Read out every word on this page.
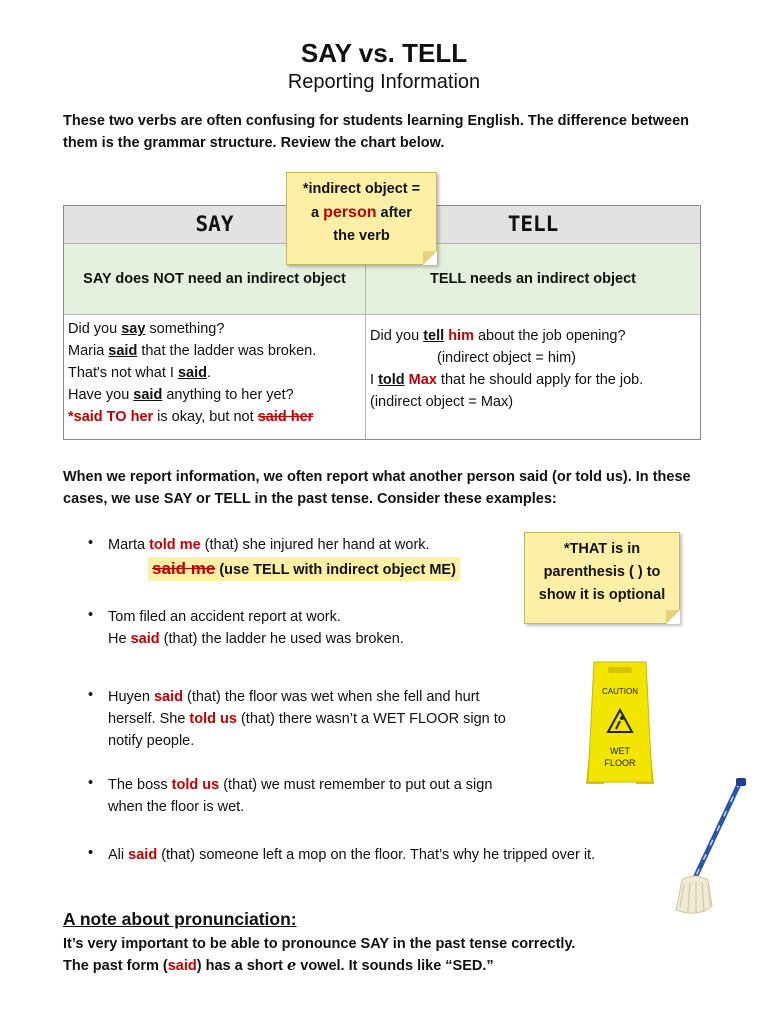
SAY vs. TELL
Reporting Information
These two verbs are often confusing for students learning English. The difference between them is the grammar structure. Review the chart below.
SAY	TELL
SAY does NOT need an indirect object	TELL needs an indirect object
Did you say something?
Maria said that the ladder was broken.
That's not what I said.
Have you said anything to her yet?
*said TO her is okay, but not said her
Did you tell him about the job opening?
(indirect object = him)
I told Max that he should apply for the job.
(indirect object = Max)
*indirect object =
a person after
the verb
When we report information, we often report what another person said (or told us). In these cases, we use SAY or TELL in the past tense. Consider these examples:
*THAT is in
parenthesis ( ) to
show it is optional
• Marta told me (that) she injured her hand at work.
said me (use TELL with indirect object ME)
• Tom filed an accident report at work.
He said (that) the ladder he used was broken.
• Huyen said (that) the floor was wet when she fell and hurt
herself. She told us (that) there wasn’t a WET FLOOR sign to
notify people.
• The boss told us (that) we must remember to put out a sign
when the floor is wet.
• Ali said (that) someone left a mop on the floor. That’s why he tripped over it.
CAUTION
WET
FLOOR
A note about pronunciation:
It’s very important to be able to pronounce SAY in the past tense correctly.
The past form (said) has a short e vowel. It sounds like “SED.”
